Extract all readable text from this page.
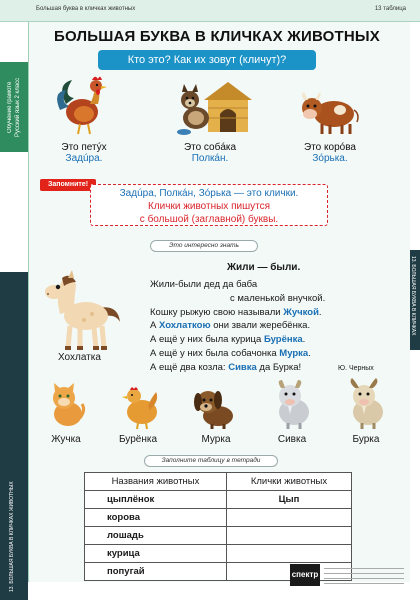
Большая буква в кличках животных	13 таблица
Обучение грамоте Русский язык 2 класс
13. БОЛЬШАЯ БУКВА В КЛИЧКАХ ЖИВОТНЫХ
13. БОЛЬШАЯ БУКВА В КЛИЧКАХ
БОЛЬШАЯ БУКВА В КЛИЧКАХ ЖИВОТНЫХ
Кто это? Как их зовут (кличут)?
Это петýх
Задúра.
Это собáка
Полкáн.
Это корóва
Зóрька.
Запомните!
Задúра, Полкáн, Зóрька — это клички.
Клички животных пишутся
с большой (заглавной) буквы.
Это интересно знать
Хохлатка
Жили — были.
Жили-были дед да баба
с маленькой внучкой.
Кошку рыжую свою называли Жучкой.
А Хохлаткою они звали жеребёнка.
А ещё у них была курица Бурёнка.
А ещё у них была собачонка Мурка.
А ещё два козла: Сивка да Бурка!	Ю. Черных
Жучка	Бурёнка	Мурка	Сивка	Бурка
Заполните таблицу в тетради
Названия животных	Клички животных
цыплёнок	Цып
корова	
лошадь	
курица	
попугай		спектр
